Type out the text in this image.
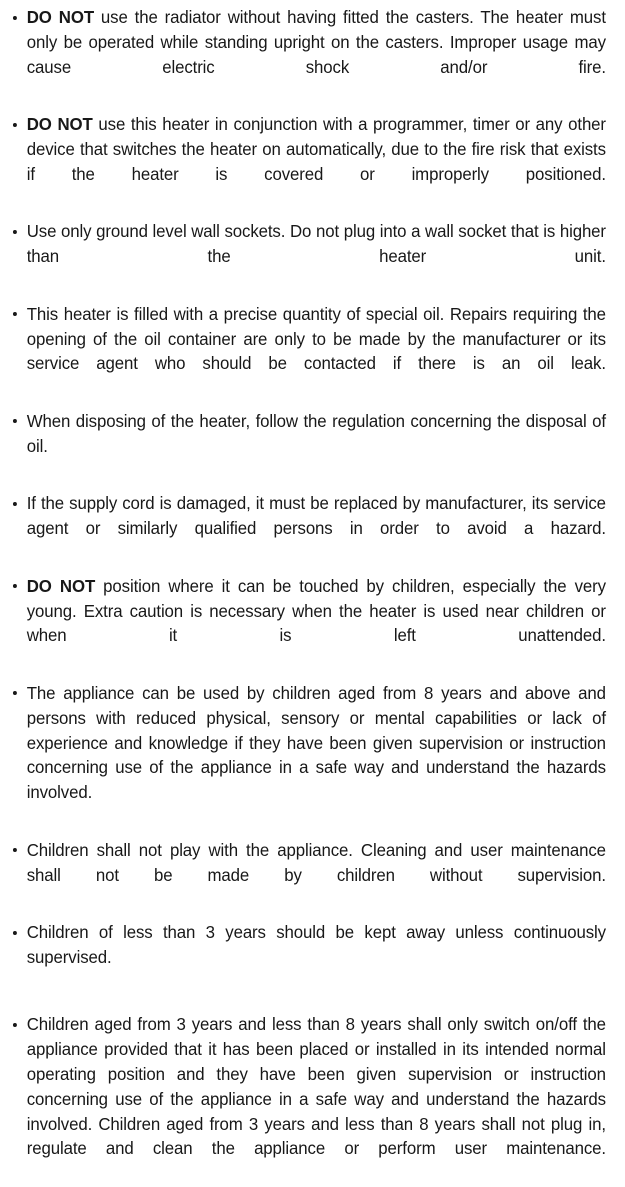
DO NOT use the radiator without having fitted the casters. The heater must only be operated while standing upright on the casters. Improper usage may cause electric shock and/or fire.
DO NOT use this heater in conjunction with a programmer, timer or any other device that switches the heater on automatically, due to the fire risk that exists if the heater is covered or improperly positioned.
Use only ground level wall sockets. Do not plug into a wall socket that is higher than the heater unit.
This heater is filled with a precise quantity of special oil. Repairs requiring the opening of the oil container are only to be made by the manufacturer or its service agent who should be contacted if there is an oil leak.
When disposing of the heater, follow the regulation concerning the disposal of oil.
If the supply cord is damaged, it must be replaced by manufacturer, its service agent or similarly qualified persons in order to avoid a hazard.
DO NOT position where it can be touched by children, especially the very young. Extra caution is necessary when the heater is used near children or when it is left unattended.
The appliance can be used by children aged from 8 years and above and persons with reduced physical, sensory or mental capabilities or lack of experience and knowledge if they have been given supervision or instruction concerning use of the appliance in a safe way and understand the hazards involved.
Children shall not play with the appliance. Cleaning and user maintenance shall not be made by children without supervision.
Children of less than 3 years should be kept away unless continuously supervised.
Children aged from 3 years and less than 8 years shall only switch on/off the appliance provided that it has been placed or installed in its intended normal operating position and they have been given supervision or instruction concerning use of the appliance in a safe way and understand the hazards involved. Children aged from 3 years and less than 8 years shall not plug in, regulate and clean the appliance or perform user maintenance.
